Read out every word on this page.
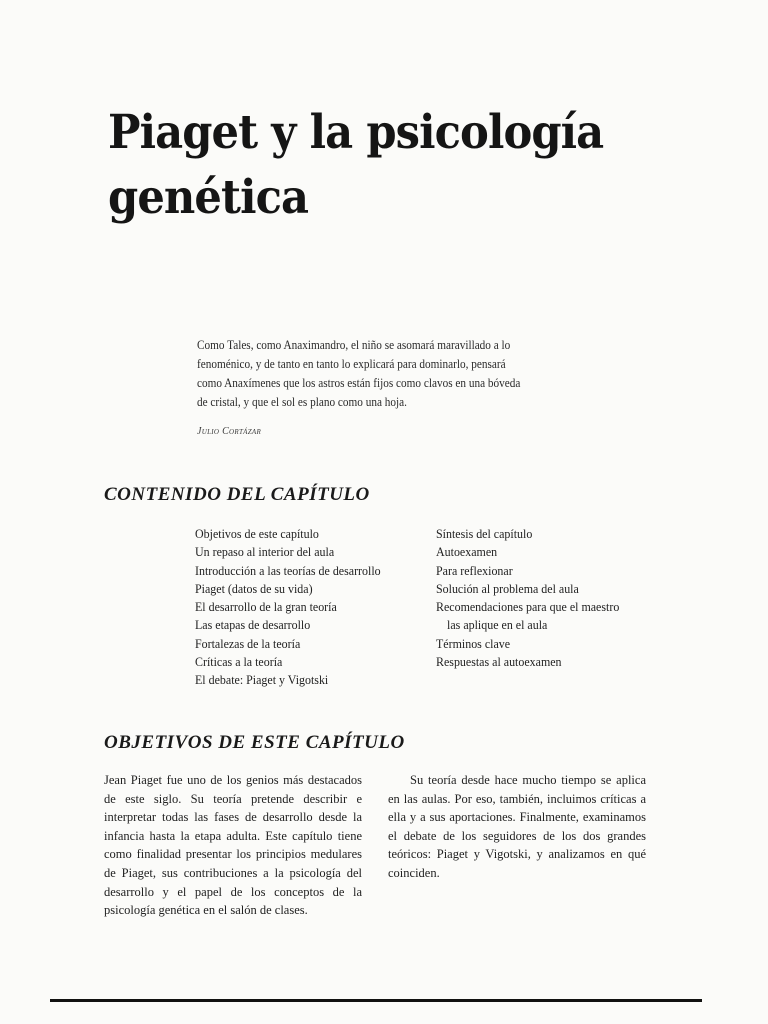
Piaget y la psicología
genética

Como Tales, como Anaximandro, el niño se asomará maravillado a lo fenoménico, y de tanto en tanto lo explicará para dominarlo, pensará como Anaxímenes que los astros están fijos como clavos en una bóveda de cristal, y que el sol es plano como una hoja.

Julio Cortázar
CONTENIDO DEL CAPÍTULO
Objetivos de este capítulo
Un repaso al interior del aula
Introducción a las teorías de desarrollo
Piaget (datos de su vida)
El desarrollo de la gran teoría
Las etapas de desarrollo
Fortalezas de la teoría
Críticas a la teoría
El debate: Piaget y Vigotski
Síntesis del capítulo
Autoexamen
Para reflexionar
Solución al problema del aula
Recomendaciones para que el maestro
las aplique en el aula
Términos clave
Respuestas al autoexamen
OBJETIVOS DE ESTE CAPÍTULO

Jean Piaget fue uno de los genios más destacados de este siglo. Su teoría pretende describir e interpretar todas las fases de desarrollo desde la infancia hasta la etapa adulta. Este capítulo tiene como finalidad presentar los principios medulares de Piaget, sus contribuciones a la psicología del desarrollo y el papel de los conceptos de la psicología genética en el salón de clases.

Su teoría desde hace mucho tiempo se aplica en las aulas. Por eso, también, incluimos críticas a ella y a sus aportaciones. Finalmente, examinamos el debate de los seguidores de los dos grandes teóricos: Piaget y Vigotski, y analizamos en qué coinciden.
